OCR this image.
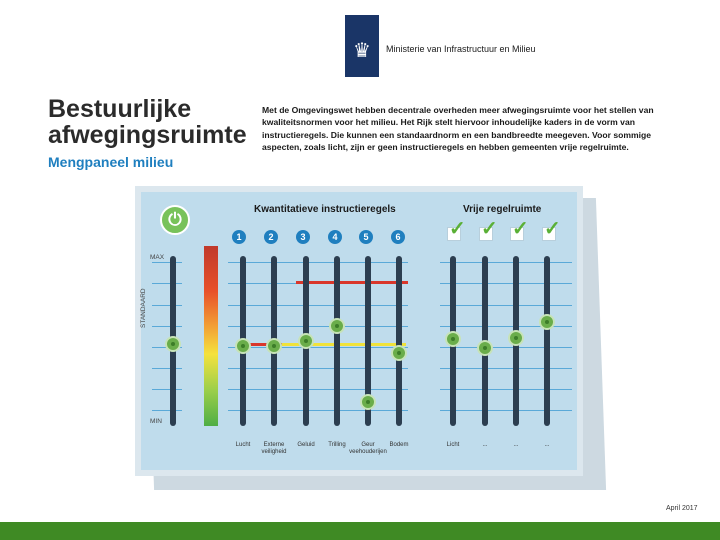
♛ Ministerie van Infrastructuur en Milieu
Bestuurlijke
afwegingsruimte
Mengpaneel milieu
Met de Omgevingswet hebben decentrale overheden meer afwegingsruimte voor het stellen van kwaliteitsnormen voor het milieu. Het Rijk stelt hiervoor inhoudelijke kaders in de vorm van instructieregels. Die kunnen een standaardnorm en een bandbreedte meegeven. Voor sommige aspecten, zoals licht, zijn er geen instructieregels en hebben gemeenten vrije regelruimte.
⏻
Kwantitatieve instructieregels	Vrije regelruimte
1	2	3	4	5	6 ✓ ✓ ✓ ✓
MAX
STANDAARD
MIN
Lucht	Externe veiligheid
Geluid	Trilling	Geur veehouderijen
Bodem	Licht	...	...	...
April 2017
